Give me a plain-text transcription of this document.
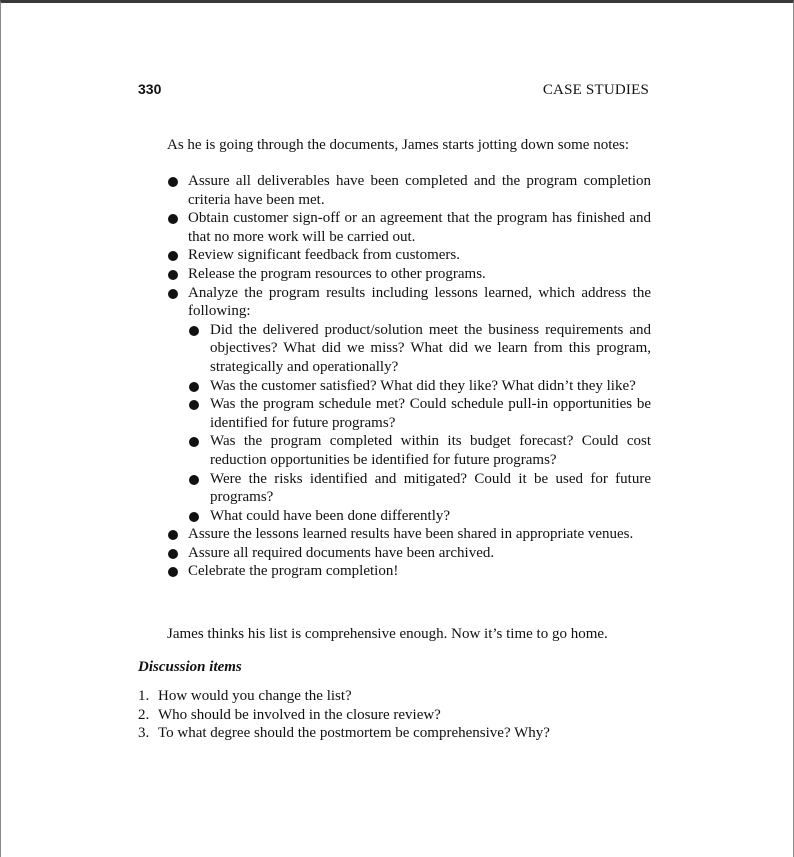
330	CASE STUDIES
As he is going through the documents, James starts jotting down some notes:
Assure all deliverables have been completed and the program completion criteria have been met.
Obtain customer sign-off or an agreement that the program has finished and that no more work will be carried out.
Review significant feedback from customers.
Release the program resources to other programs.
Analyze the program results including lessons learned, which address the following:
Did the delivered product/solution meet the business requirements and objectives? What did we miss? What did we learn from this program, strategically and operationally?
Was the customer satisfied? What did they like? What didn’t they like?
Was the program schedule met? Could schedule pull-in opportunities be identified for future programs?
Was the program completed within its budget forecast? Could cost reduction opportunities be identified for future programs?
Were the risks identified and mitigated? Could it be used for future programs?
What could have been done differently?
Assure the lessons learned results have been shared in appropriate venues.
Assure all required documents have been archived.
Celebrate the program completion!
James thinks his list is comprehensive enough. Now it’s time to go home.
Discussion items
1. How would you change the list?
2. Who should be involved in the closure review?
3. To what degree should the postmortem be comprehensive? Why?
